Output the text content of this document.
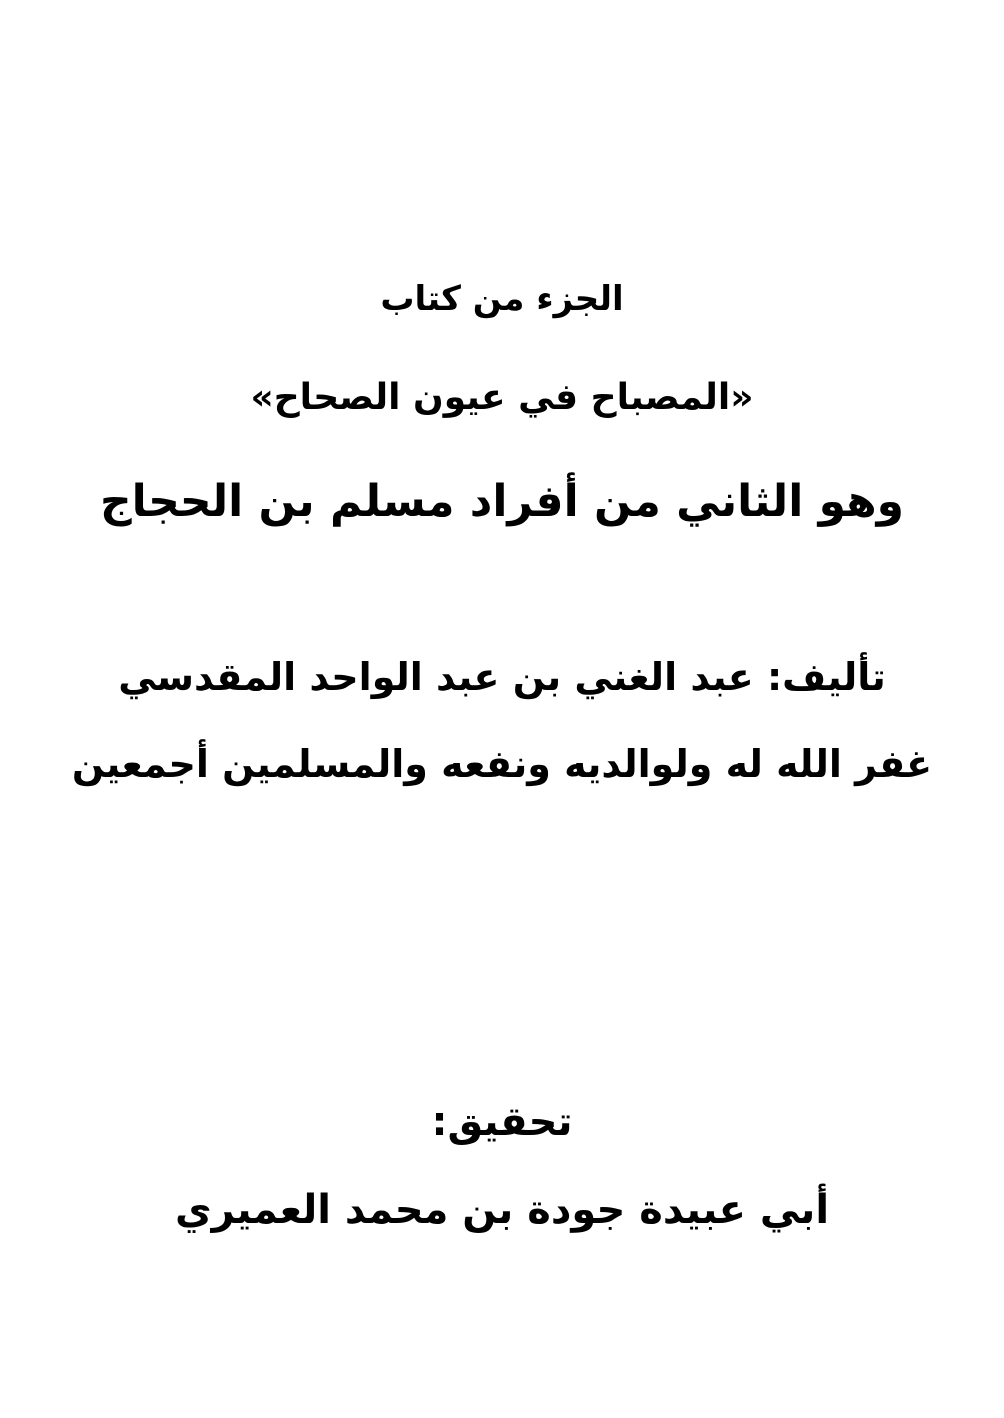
الجزء من كتاب
«المصباح في عيون الصحاح»
وهو الثاني من أفراد مسلم بن الحجاج
تأليف: عبد الغني بن عبد الواحد المقدسي
غفر الله له ولوالديه ونفعه والمسلمين أجمعين
تحقيق:
أبي عبيدة جودة بن محمد العميري
